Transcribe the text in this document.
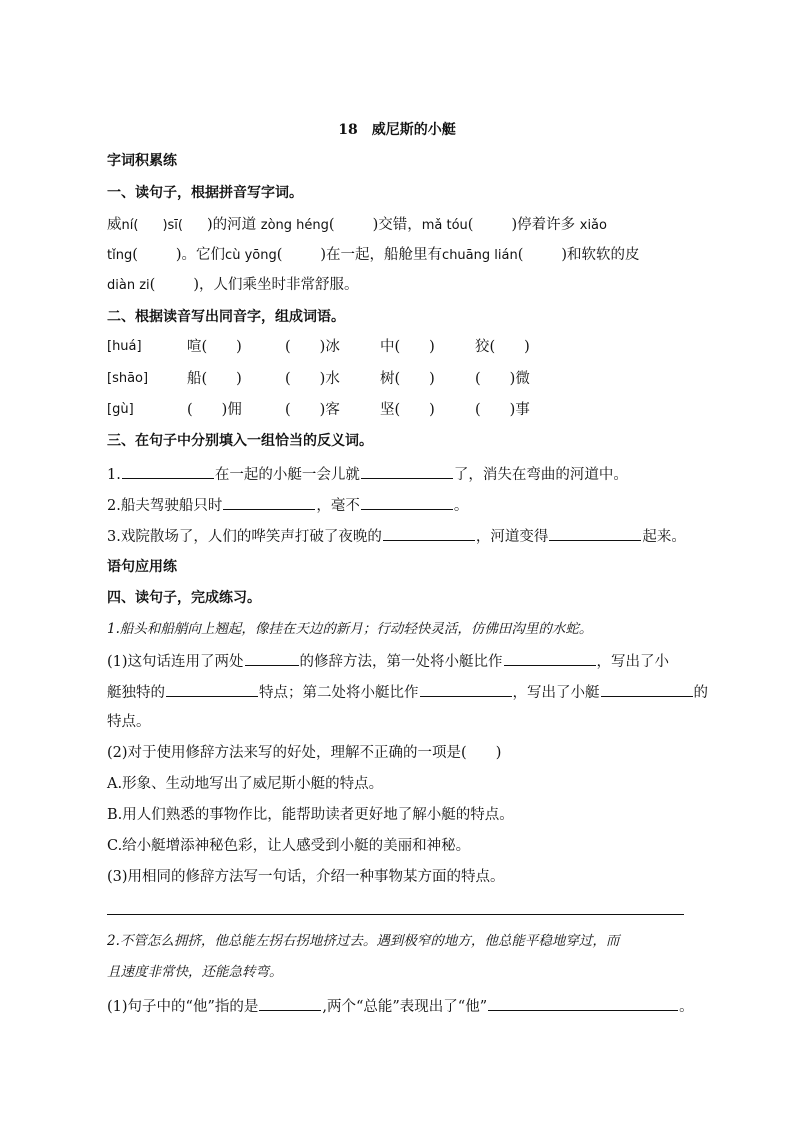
18　威尼斯的小艇
字词积累练
一、读句子，根据拼音写字词。
威ní( )sī( )的河道 zòng héng(	)交错，mǎ tóu(	)停着许多 xiǎo
tǐng(	)。它们cù yōng(	)在一起，船舱里有chuāng lián(	)和软软的皮
diàn zi(	)，人们乘坐时非常舒服。
二、根据读音写出同音字，组成词语。
[huá]	喧(　　)	(　　)冰	中(　　)	狡(　　)
[shāo]	船(　　)	(　　)水	树(　　)	(　　)微
[gù]	(　　)佣	(　　)客	坚(　　)	(　　)事
三、在句子中分别填入一组恰当的反义词。
1.	在一起的小艇一会儿就	了，消失在弯曲的河道中。
2.船夫驾驶船只时	，毫不	。
3.戏院散场了，人们的哗笑声打破了夜晚的	，河道变得	起来。
语句应用练
四、读句子，完成练习。
1.船头和船艄向上翘起，像挂在天边的新月；行动轻快灵活，仿佛田沟里的水蛇。
(1)这句话连用了两处	的修辞方法，第一处将小艇比作	，写出了小
艇独特的	特点；第二处将小艇比作	，写出了小艇	的
特点。
(2)对于使用修辞方法来写的好处，理解不正确的一项是(　　)
A.形象、生动地写出了威尼斯小艇的特点。
B.用人们熟悉的事物作比，能帮助读者更好地了解小艇的特点。
C.给小艇增添神秘色彩，让人感受到小艇的美丽和神秘。
(3)用相同的修辞方法写一句话，介绍一种事物某方面的特点。
2.不管怎么拥挤，他总能左拐右拐地挤过去。遇到极窄的地方，他总能平稳地穿过，而
且速度非常快，还能急转弯。
(1)句子中的“他”指的是	,两个“总能”表现出了“他”	。
